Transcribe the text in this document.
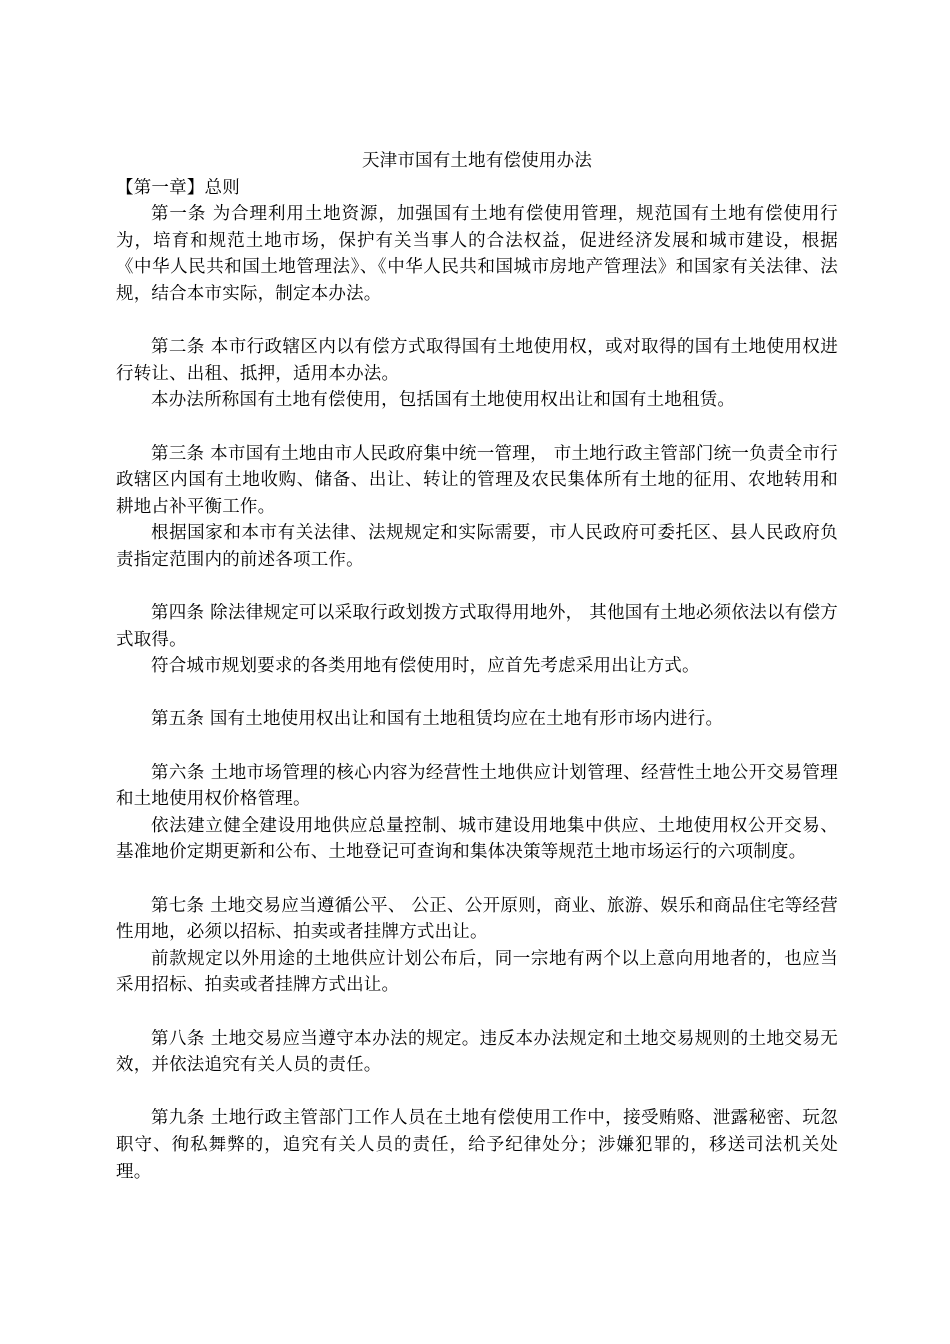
天津市国有土地有偿使用办法

【第一章】总则

第一条 为合理利用土地资源，加强国有土地有偿使用管理，规范国有土地有偿使用行为，培育和规范土地市场，保护有关当事人的合法权益，促进经济发展和城市建设，根据《中华人民共和国土地管理法》、《中华人民共和国城市房地产管理法》和国家有关法律、法规，结合本市实际，制定本办法。

第二条 本市行政辖区内以有偿方式取得国有土地使用权，或对取得的国有土地使用权进行转让、出租、抵押，适用本办法。

本办法所称国有土地有偿使用，包括国有土地使用权出让和国有土地租赁。

第三条 本市国有土地由市人民政府集中统一管理， 市土地行政主管部门统一负责全市行政辖区内国有土地收购、储备、出让、转让的管理及农民集体所有土地的征用、农地转用和耕地占补平衡工作。

根据国家和本市有关法律、法规规定和实际需要，市人民政府可委托区、县人民政府负责指定范围内的前述各项工作。

第四条 除法律规定可以采取行政划拨方式取得用地外， 其他国有土地必须依法以有偿方式取得。

符合城市规划要求的各类用地有偿使用时，应首先考虑采用出让方式。

第五条 国有土地使用权出让和国有土地租赁均应在土地有形市场内进行。

第六条 土地市场管理的核心内容为经营性土地供应计划管理、经营性土地公开交易管理和土地使用权价格管理。

依法建立健全建设用地供应总量控制、城市建设用地集中供应、土地使用权公开交易、基准地价定期更新和公布、土地登记可查询和集体决策等规范土地市场运行的六项制度。

第七条 土地交易应当遵循公平、 公正、公开原则，商业、旅游、娱乐和商品住宅等经营性用地，必须以招标、拍卖或者挂牌方式出让。

前款规定以外用途的土地供应计划公布后，同一宗地有两个以上意向用地者的，也应当采用招标、拍卖或者挂牌方式出让。

第八条 土地交易应当遵守本办法的规定。违反本办法规定和土地交易规则的土地交易无效，并依法追究有关人员的责任。

第九条 土地行政主管部门工作人员在土地有偿使用工作中，接受贿赂、泄露秘密、玩忽职守、徇私舞弊的，追究有关人员的责任，给予纪律处分；涉嫌犯罪的，移送司法机关处理。
